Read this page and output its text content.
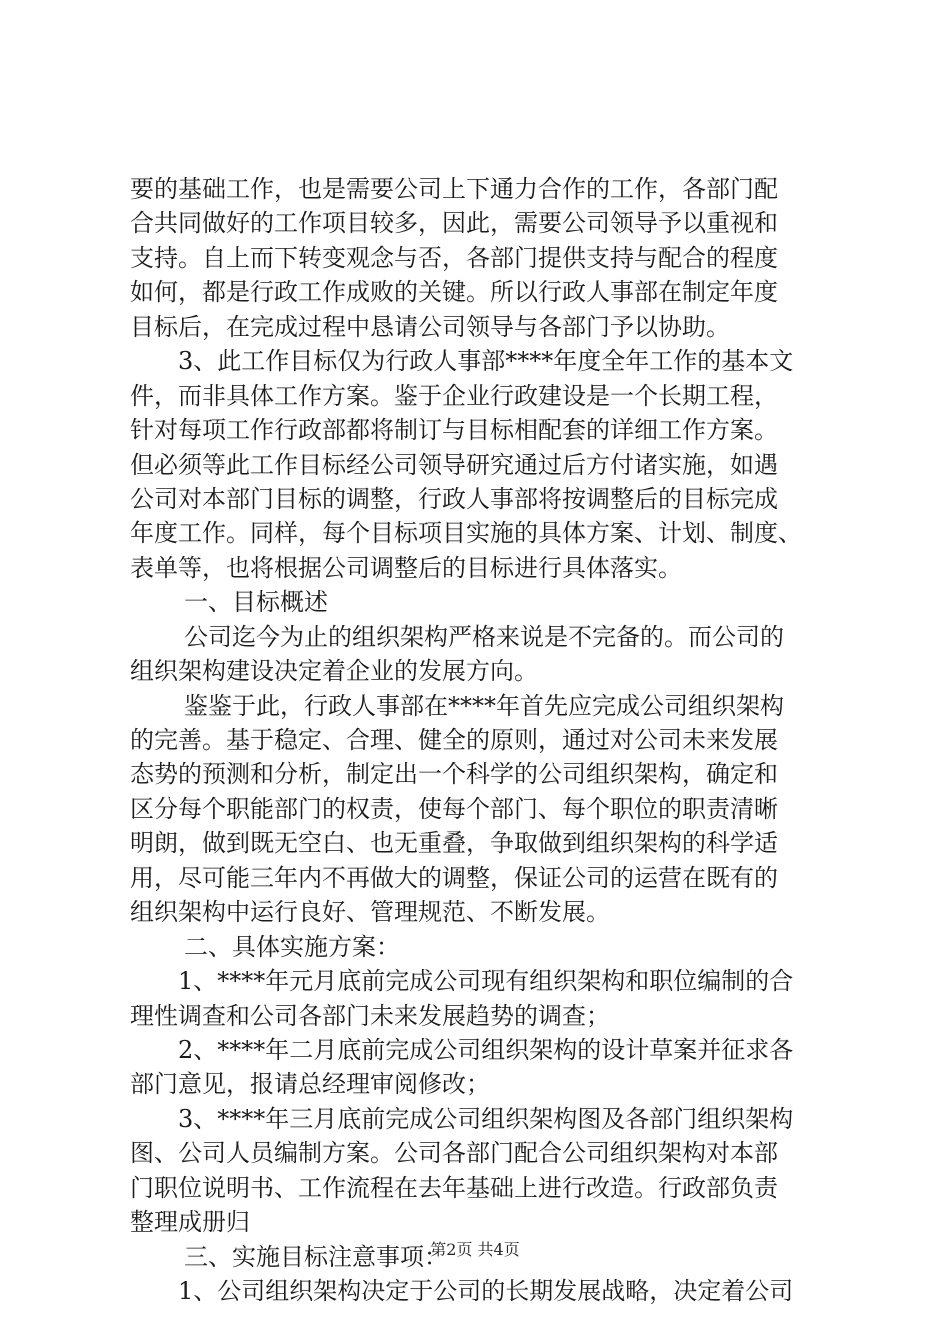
要的基础工作，也是需要公司上下通力合作的工作，各部门配
合共同做好的工作项目较多，因此，需要公司领导予以重视和
支持。自上而下转变观念与否，各部门提供支持与配合的程度
如何，都是行政工作成败的关键。所以行政人事部在制定年度
目标后，在完成过程中恳请公司领导与各部门予以协助。
3、此工作目标仅为行政人事部****年度全年工作的基本文
件，而非具体工作方案。鉴于企业行政建设是一个长期工程，
针对每项工作行政部都将制订与目标相配套的详细工作方案。
但必须等此工作目标经公司领导研究通过后方付诸实施，如遇
公司对本部门目标的调整，行政人事部将按调整后的目标完成
年度工作。同样，每个目标项目实施的具体方案、计划、制度、
表单等，也将根据公司调整后的目标进行具体落实。
一、目标概述
公司迄今为止的组织架构严格来说是不完备的。而公司的
组织架构建设决定着企业的发展方向。
鉴鉴于此，行政人事部在****年首先应完成公司组织架构
的完善。基于稳定、合理、健全的原则，通过对公司未来发展
态势的预测和分析，制定出一个科学的公司组织架构，确定和
区分每个职能部门的权责，使每个部门、每个职位的职责清晰
明朗，做到既无空白、也无重叠，争取做到组织架构的科学适
用，尽可能三年内不再做大的调整，保证公司的运营在既有的
组织架构中运行良好、管理规范、不断发展。
二、具体实施方案：
1、****年元月底前完成公司现有组织架构和职位编制的合
理性调查和公司各部门未来发展趋势的调查；
2、****年二月底前完成公司组织架构的设计草案并征求各
部门意见，报请总经理审阅修改；
3、****年三月底前完成公司组织架构图及各部门组织架构
图、公司人员编制方案。公司各部门配合公司组织架构对本部
门职位说明书、工作流程在去年基础上进行改造。行政部负责
整理成册归
三、实施目标注意事项：
1、公司组织架构决定于公司的长期发展战略，决定着公司
第2页 共4页
